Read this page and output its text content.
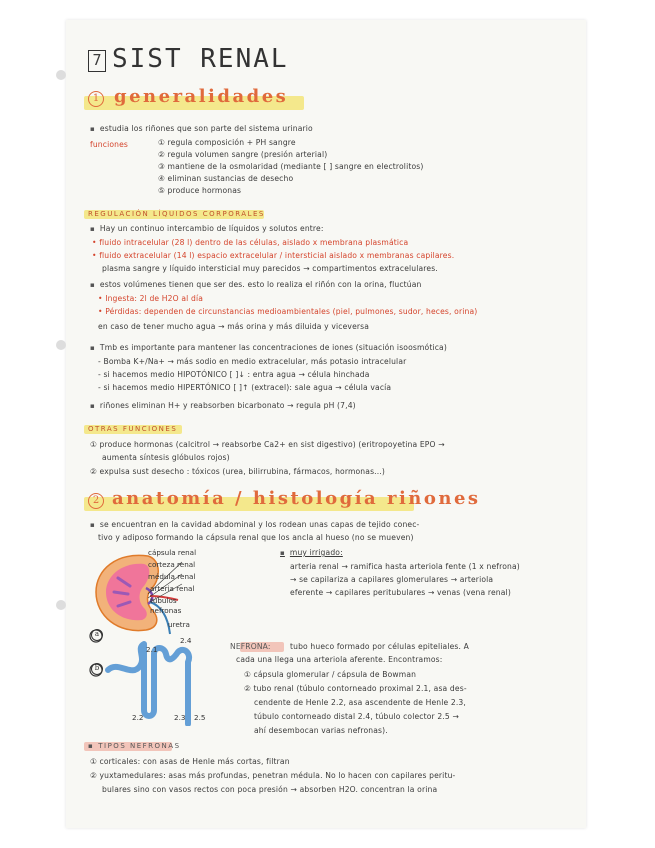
7 SIST RENAL
1 generalidades
▪ estudia los riñones que son parte del sistema urinario
funciones	① regula composición + PH sangre
② regula volumen sangre (presión arterial)
③ mantiene de la osmolaridad (mediante [ ] sangre en electrolitos)
④ eliminan sustancias de desecho
⑤ produce hormonas
REGULACIÓN LÍQUIDOS CORPORALES
▪ Hay un continuo intercambio de líquidos y solutos entre:
• fluido intracelular (28 l) dentro de las células, aislado x membrana plasmática
• fluido extracelular (14 l) espacio extracelular / intersticial aislado x membranas capilares.
plasma sangre y líquido intersticial muy parecidos → compartimentos extracelulares.
▪ estos volúmenes tienen que ser des. esto lo realiza el riñón con la orina, fluctúan
• Ingesta: 2l de H2O al día
• Pérdidas: dependen de circunstancias medioambientales (piel, pulmones, sudor, heces, orina)
en caso de tener mucho agua → más orina y más diluida y viceversa
▪ Tmb es importante para mantener las concentraciones de iones (situación isoosmótica)
- Bomba K+/Na+ → más sodio en medio extracelular, más potasio intracelular
- si hacemos medio HIPOTÓNICO [ ]↓ : entra agua → célula hinchada
- si hacemos medio HIPERTÓNICO [ ]↑ (extracel): sale agua → célula vacía
▪ riñones eliminan H+ y reabsorben bicarbonato → regula pH (7,4)
OTRAS FUNCIONES
① produce hormonas (calcitrol → reabsorbe Ca2+ en sist digestivo) (eritropoyetina EPO →
aumenta síntesis glóbulos rojos)
② expulsa sust desecho : tóxicos (urea, bilirrubina, fármacos, hormonas...)
2 anatomía / histología riñones
▪ se encuentran en la cavidad abdominal y los rodean unas capas de tejido conec-
tivo y adiposo formando la cápsula renal que los ancla al hueso (no se mueven)
cápsula renal
corteza renal
médula renal
arteria renal
túbulos
nefronas
uretra
▪ muy irrigado:
arteria renal → ramifica hasta arteriola fente (1 x nefrona)
→ se capilariza a capilares glomerulares → arteriola
eferente → capilares peritubulares → venas (vena renal)
a
b
2.1
2.4
2.2	2.3 2.5
NEFRONA:	tubo hueco formado por células epiteliales. A
cada una llega una arteriola aferente. Encontramos:
① cápsula glomerular / cápsula de Bowman
② tubo renal (túbulo contorneado proximal 2.1, asa des-
cendente de Henle 2.2, asa ascendente de Henle 2.3,
túbulo contorneado distal 2.4, túbulo colector 2.5 →
ahí desembocan varias nefronas).
▪ TIPOS NEFRONAS
① corticales: con asas de Henle más cortas, filtran
② yuxtamedulares: asas más profundas, penetran médula. No lo hacen con capilares peritu-
bulares sino con vasos rectos con poca presión → absorben H2O. concentran la orina
